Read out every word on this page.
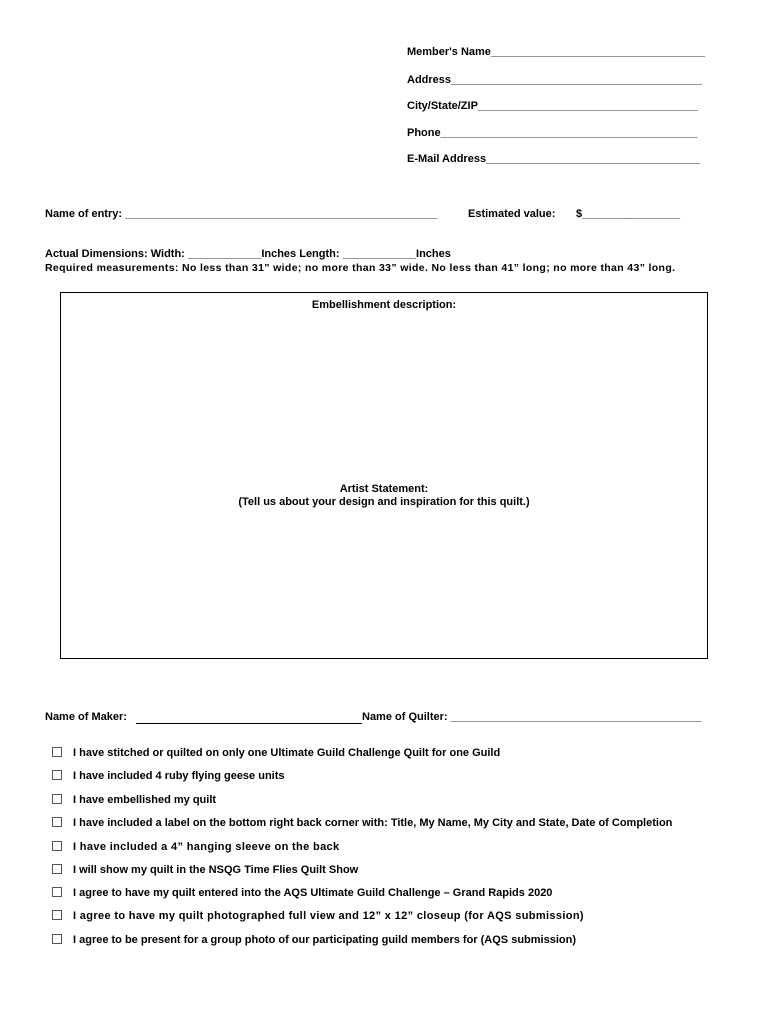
Member's Name___________________________________
Address_________________________________________
City/State/ZIP____________________________________
Phone__________________________________________
E-Mail Address___________________________________
Name of entry: ___________________________________________________	Estimated value: $________________
Actual Dimensions: Width: ____________Inches Length: ____________Inches
Required measurements: No less than 31” wide; no more than 33” wide. No less than 41” long; no more than 43” long.
Embellishment description:
Artist Statement:
(Tell us about your design and inspiration for this quilt.)
Name of Maker:	Name of Quilter: _________________________________________
I have stitched or quilted on only one Ultimate Guild Challenge Quilt for one Guild
I have included 4 ruby flying geese units
I have embellished my quilt
I have included a label on the bottom right back corner with: Title, My Name, My City and State, Date of Completion
I have included a 4” hanging sleeve on the back
I will show my quilt in the NSQG Time Flies Quilt Show
I agree to have my quilt entered into the AQS Ultimate Guild Challenge – Grand Rapids 2020
I agree to have my quilt photographed full view and 12” x 12” closeup (for AQS submission)
I agree to be present for a group photo of our participating guild members for (AQS submission)
